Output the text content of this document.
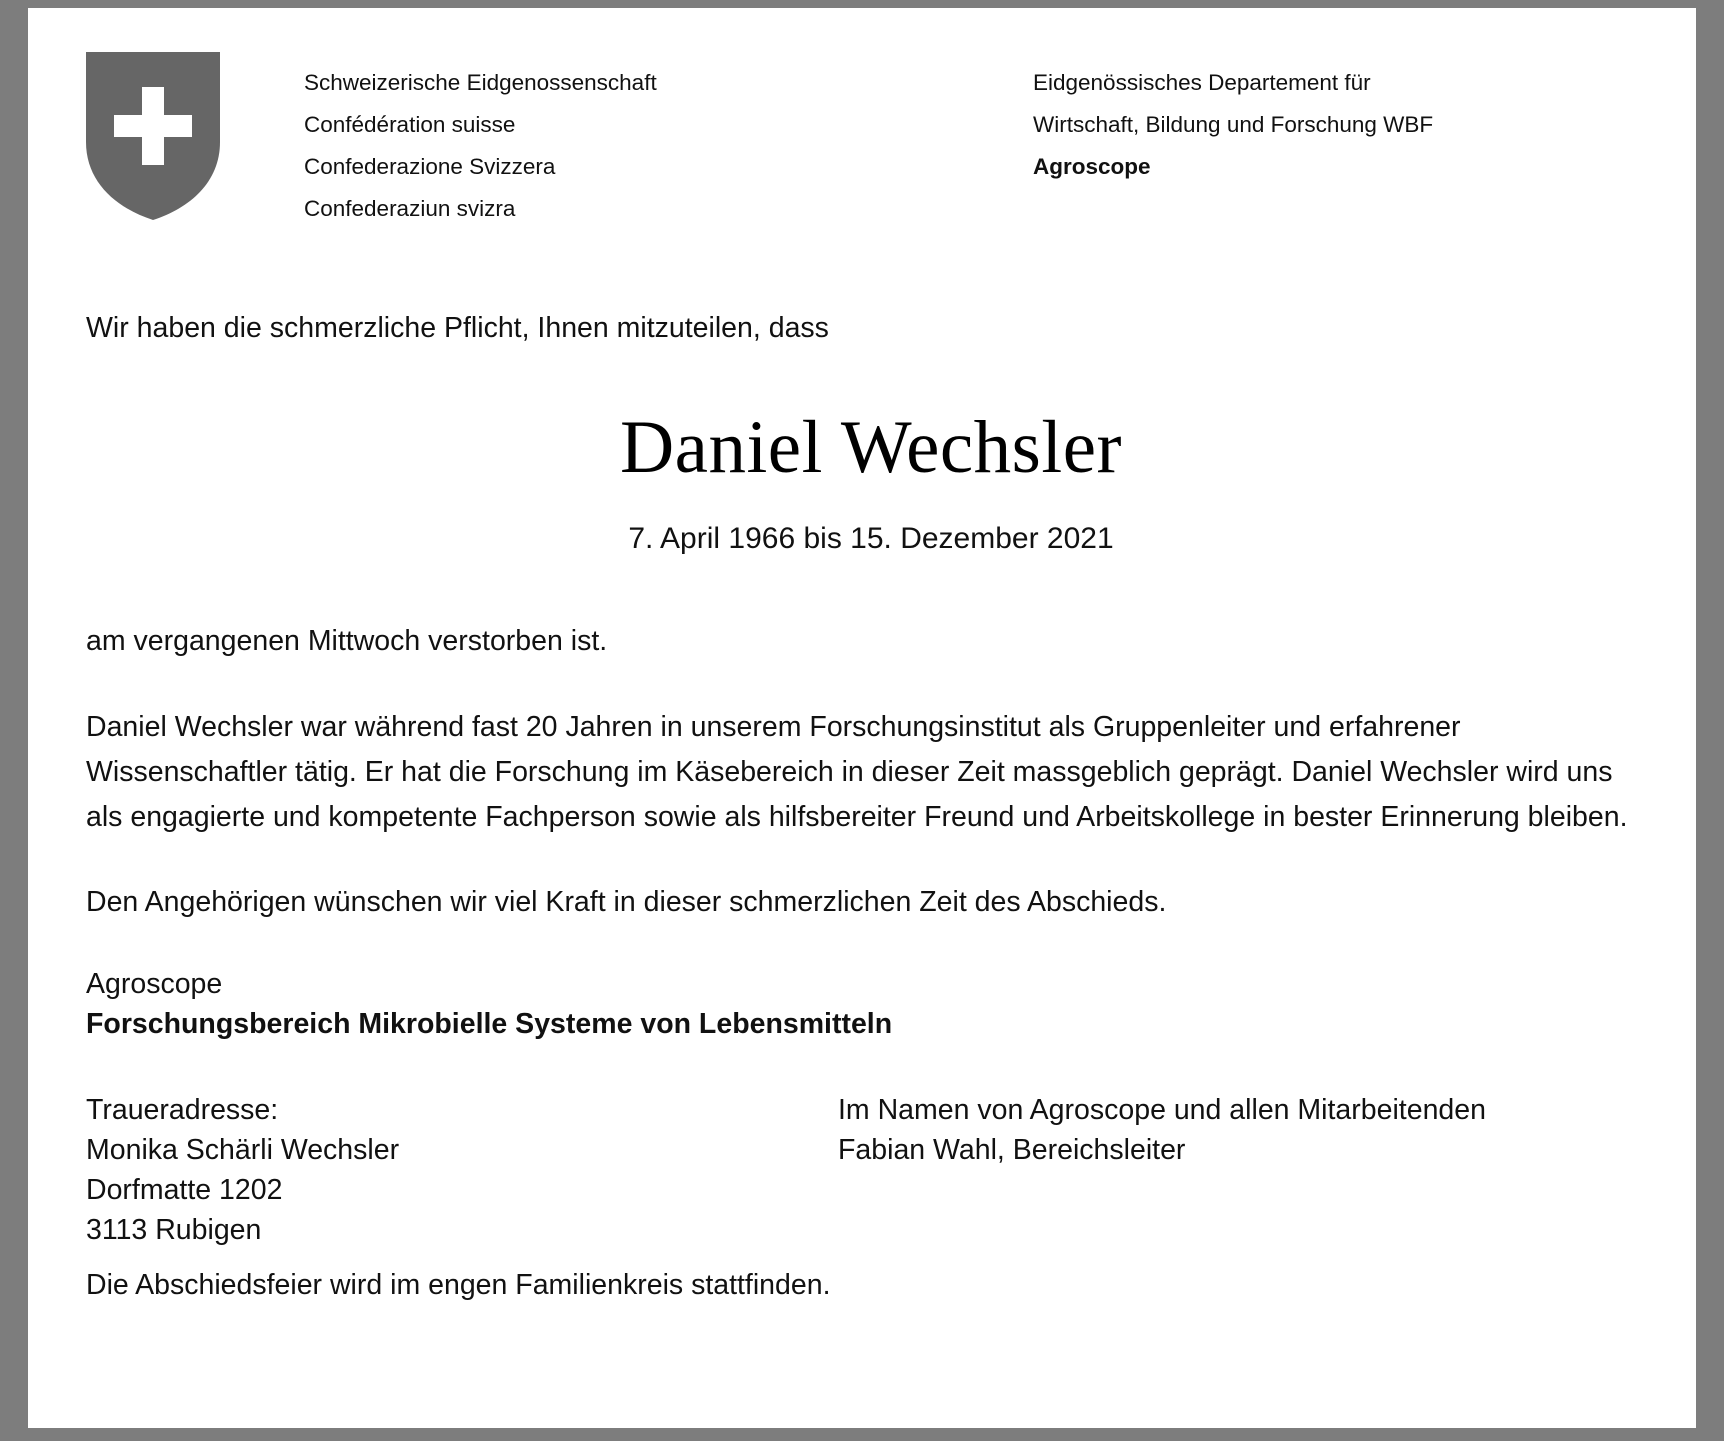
Schweizerische Eidgenossenschaft
Confédération suisse
Confederazione Svizzera
Confederaziun svizra
Eidgenössisches Departement für
Wirtschaft, Bildung und Forschung WBF
Agroscope

Wir haben die schmerzliche Pflicht, Ihnen mitzuteilen, dass

Daniel Wechsler
7. April 1966 bis 15. Dezember 2021

am vergangenen Mittwoch verstorben ist.

Daniel Wechsler war während fast 20 Jahren in unserem Forschungsinstitut als Gruppenleiter und erfahrener Wissenschaftler tätig. Er hat die Forschung im Käsebereich in dieser Zeit massgeblich geprägt. Daniel Wechsler wird uns als engagierte und kompetente Fachperson sowie als hilfsbereiter Freund und Arbeitskollege in bester Erinnerung bleiben.

Den Angehörigen wünschen wir viel Kraft in dieser schmerzlichen Zeit des Abschieds.

Agroscope

Forschungsbereich Mikrobielle Systeme von Lebensmitteln

Traueradresse:
Monika Schärli Wechsler
Dorfmatte 1202
3113 Rubigen
Im Namen von Agroscope und allen Mitarbeitenden
Fabian Wahl, Bereichsleiter

Die Abschiedsfeier wird im engen Familienkreis stattfinden.
